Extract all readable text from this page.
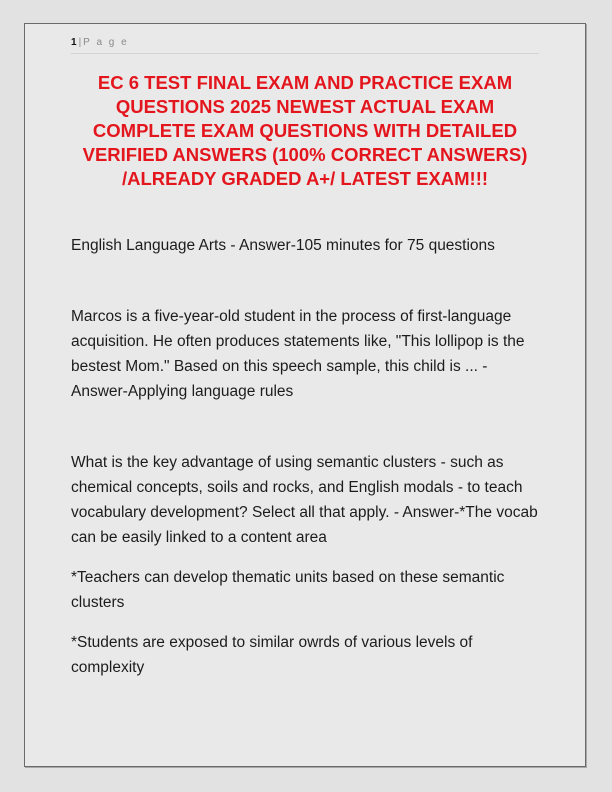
1 | P a g e
EC 6 TEST FINAL EXAM AND PRACTICE EXAM
QUESTIONS 2025 NEWEST ACTUAL EXAM
COMPLETE EXAM QUESTIONS WITH DETAILED
VERIFIED ANSWERS (100% CORRECT ANSWERS)
/ALREADY GRADED A+/ LATEST EXAM!!!

English Language Arts - Answer-105 minutes for 75 questions

Marcos is a five-year-old student in the process of first-language acquisition. He often produces statements like, "This lollipop is the bestest Mom." Based on this speech sample, this child is ... - Answer-Applying language rules

What is the key advantage of using semantic clusters - such as chemical concepts, soils and rocks, and English modals - to teach vocabulary development? Select all that apply. - Answer-*The vocab can be easily linked to a content area

*Teachers can develop thematic units based on these semantic clusters

*Students are exposed to similar owrds of various levels of complexity
